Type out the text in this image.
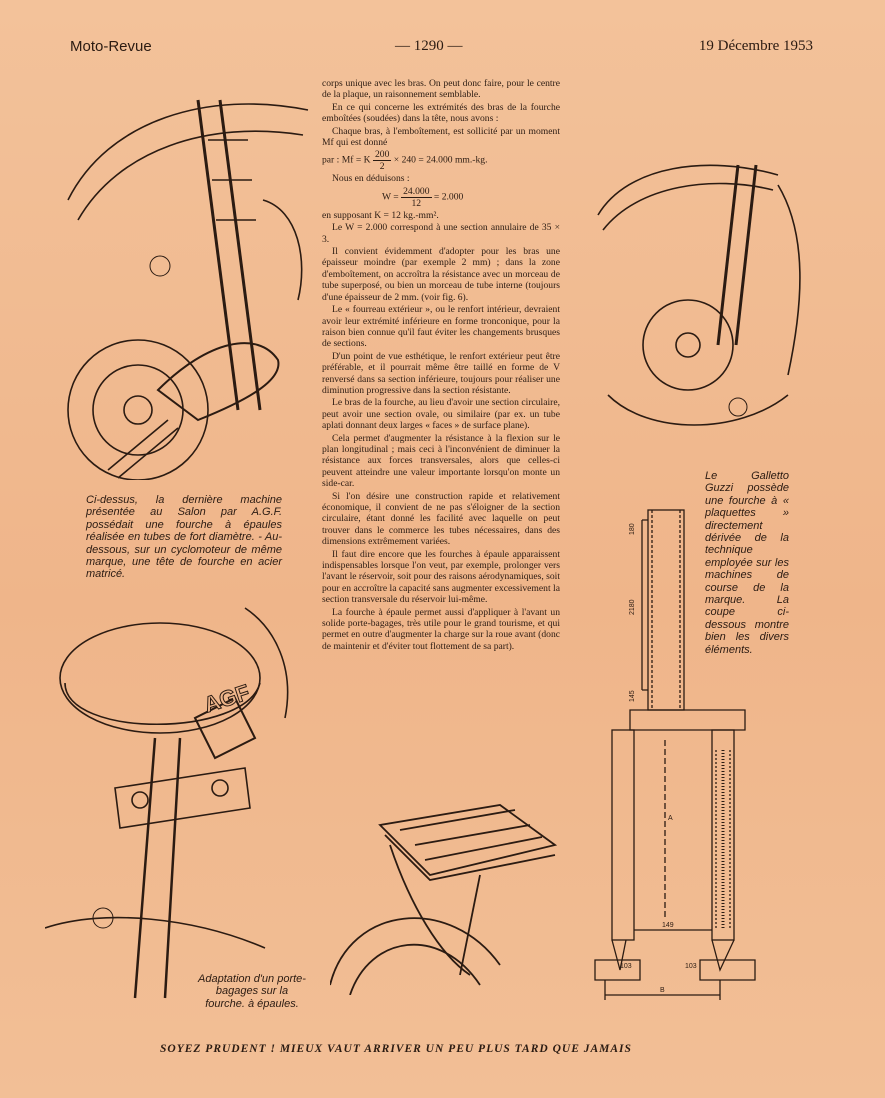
Moto-Revue	— 1290 —	19 Décembre 1953

corps unique avec les bras. On peut donc faire, pour le centre de la plaque, un raisonnement semblable.

En ce qui concerne les extrémités des bras de la fourche emboîtées (soudées) dans la tête, nous avons :

Chaque bras, à l'emboîtement, est sollicité par un moment Mf qui est donné

par : Mf = K $\frac{200}{2} \times 240 = 24.000$ mm.-kg.

Nous en déduisons :

$W = \frac{24.000}{12} = 2.000$

en supposant K = 12 kg.-mm².

Le W = 2.000 correspond à une section annulaire de 35 × 3.

Il convient évidemment d'adopter pour les bras une épaisseur moindre (par exemple 2 mm) ; dans la zone d'emboîtement, on accroîtra la résistance avec un morceau de tube superposé, ou bien un morceau de tube interne (toujours d'une épaisseur de 2 mm. (voir fig. 6).

Le « fourreau extérieur », ou le renfort intérieur, devraient avoir leur extrémité inférieure en forme tronconique, pour la raison bien connue qu'il faut éviter les changements brusques de sections.

D'un point de vue esthétique, le renfort extérieur peut être préférable, et il pourrait même être taillé en forme de V renversé dans sa section inférieure, toujours pour réaliser une diminution progressive dans la section résistante.

Le bras de la fourche, au lieu d'avoir une section circulaire, peut avoir une section ovale, ou similaire (par ex. un tube aplati donnant deux larges « faces » de surface plane).

Cela permet d'augmenter la résistance à la flexion sur le plan longitudinal ; mais ceci à l'inconvénient de diminuer la résistance aux forces transversales, alors que celles-ci peuvent atteindre une valeur importante lorsqu'on monte un side-car.

Si l'on désire une construction rapide et relativement économique, il convient de ne pas s'éloigner de la section circulaire, étant donné les facilité avec laquelle on peut trouver dans le commerce les tubes nécessaires, dans des dimensions extrêmement variées.

Il faut dire encore que les fourches à épaule apparaissent indispensables lorsque l'on veut, par exemple, prolonger vers l'avant le réservoir, soit pour des raisons aérodynamiques, soit pour en accroître la capacité sans augmenter excessivement la section transversale du réservoir lui-même.

La fourche à épaule permet aussi d'appliquer à l'avant un solide porte-bagages, très utile pour le grand tourisme, et qui permet en outre d'augmenter la charge sur la roue avant (donc de maintenir et d'éviter tout flottement de sa part).

Ci-dessus, la dernière machine présentée au Salon par A.G.F. possédait une fourche à épaules réalisée en tubes de fort diamètre. - Au-dessous, sur un cyclomoteur de même marque, une tête de fourche en acier matricé.
Le Galletto Guzzi possède une fourche à « plaquettes » directement dérivée de la technique employée sur les machines de course de la marque. La coupe ci-dessous montre bien les divers éléments.
AGF
Adaptation d'un porte-bagages sur la fourche. à épaules.
180
2180
145
A
149
103	103
B
SOYEZ PRUDENT ! MIEUX VAUT ARRIVER UN PEU PLUS TARD QUE JAMAIS
